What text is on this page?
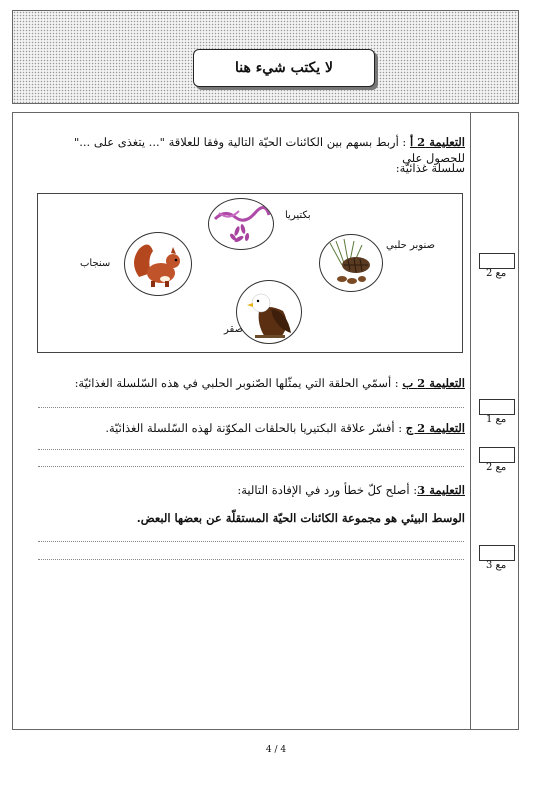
لا يكتب شيء هنا
التعليمة 2 أ : أربط بسهم بين الكائنات الحيّة التالية وفقا للعلاقة "... يتغذى على ..." للحصول على
سلسلة غذائيّة:
بكتيريا
سنجاب
صنوبر حلبي
صقر
التعليمة 2 ب : أسمّي الحلقة التي يمثّلها الصّنوبر الحلبي في هذه السّلسلة الغذائيّة:
التعليمة 2 ج : أفسّر علاقة البكتيريا بالحلقات المكوّنة لهذه السّلسلة الغذائيّة.
التعليمة 3: أصلح كلّ خطأ ورد في الإفادة التالية:
الوسط البيئي هو مجموعة الكائنات الحيّة المستقلّة عن بعضها البعض.
مع 2
مع 1
مع 2
مع 3
4 / 4
